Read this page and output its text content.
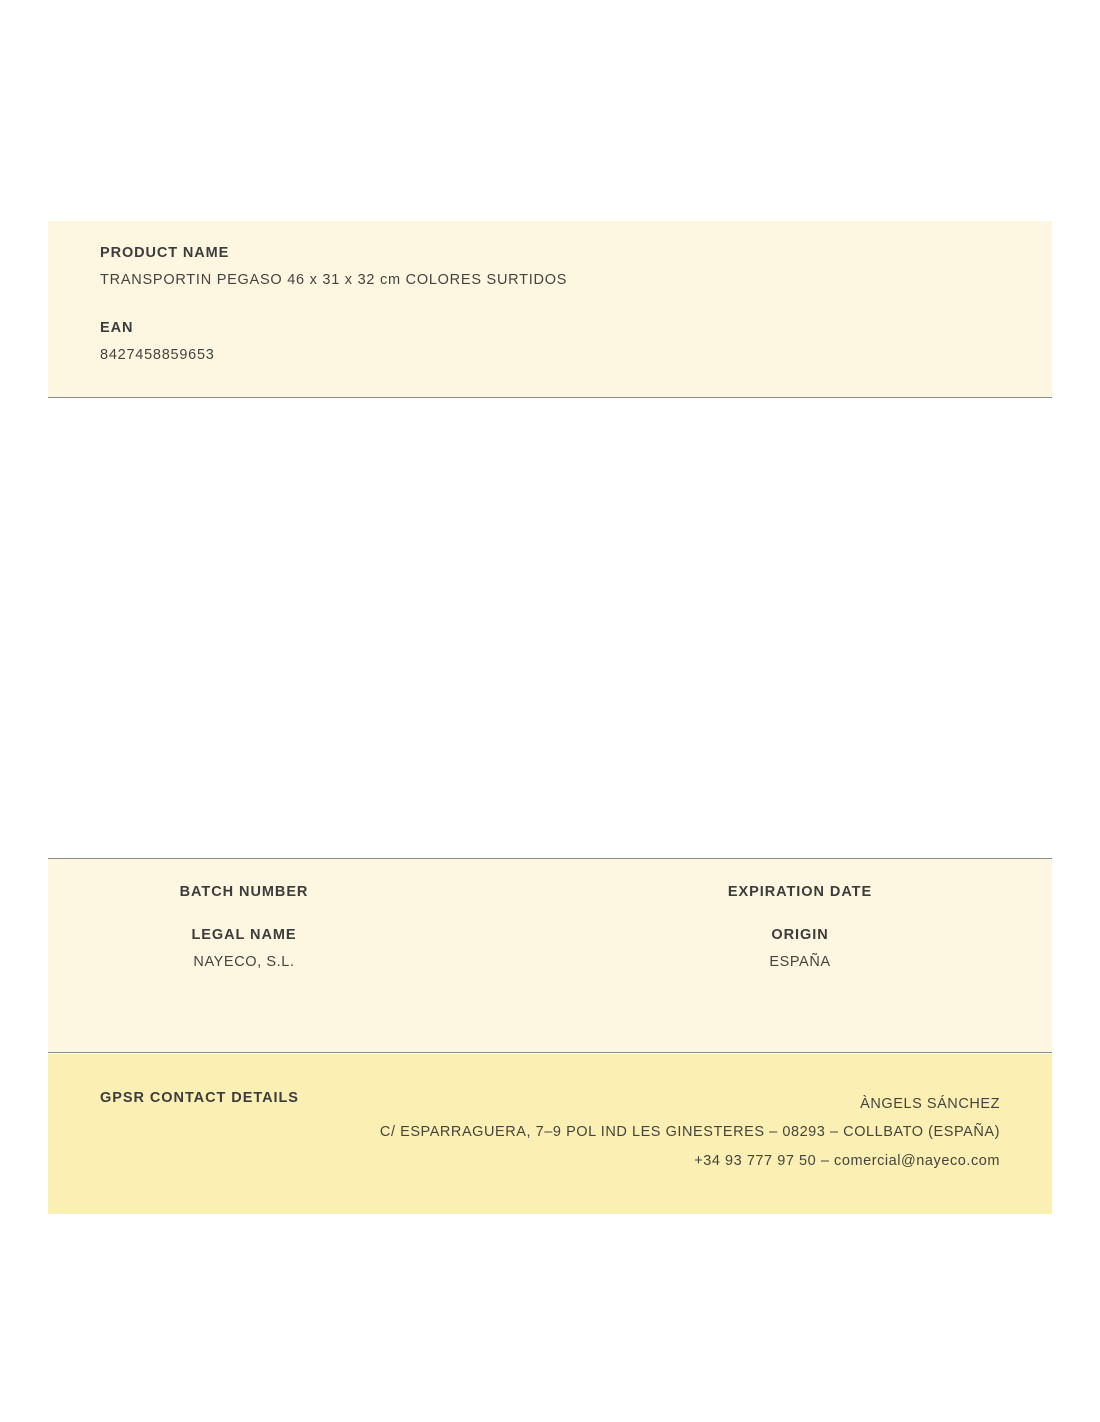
PRODUCT NAME
TRANSPORTIN PEGASO 46 x 31 x 32 cm COLORES SURTIDOS
EAN
8427458859653
BATCH NUMBER	EXPIRATION DATE
LEGAL NAME
NAYECO, S.L.
ORIGIN
ESPAÑA
GPSR CONTACT DETAILS	ÀNGELS SÁNCHEZ
C/ ESPARRAGUERA, 7–9 POL IND LES GINESTERES – 08293 – COLLBATO (ESPAÑA)
+34 93 777 97 50 – comercial@nayeco.com
